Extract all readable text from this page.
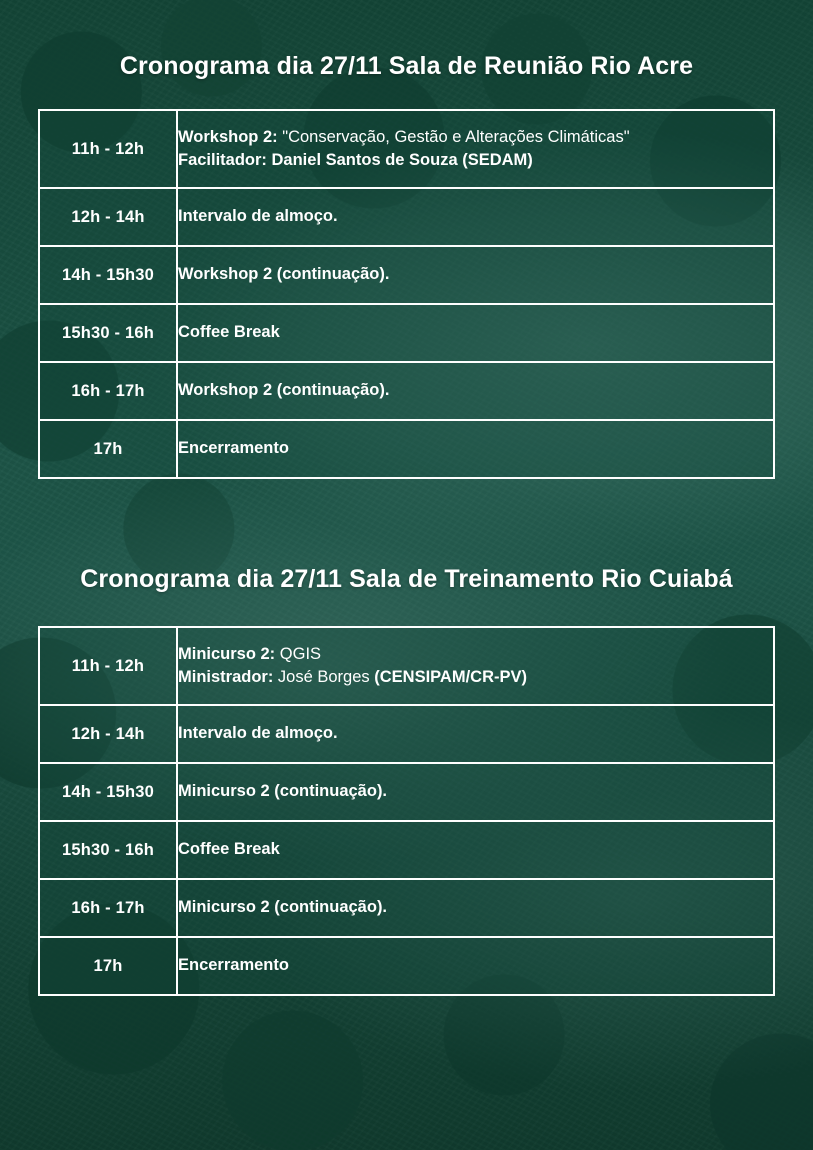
Cronograma dia 27/11 Sala de Reunião Rio Acre
11h - 12h	Workshop 2: "Conservação, Gestão e Alterações Climáticas"
Facilitador: Daniel Santos de Souza (SEDAM)

12h - 14h	Intervalo de almoço.
14h - 15h30	Workshop 2 (continuação).
15h30 - 16h	Coffee Break
16h - 17h	Workshop 2 (continuação).
17h	Encerramento
Cronograma dia 27/11 Sala de Treinamento Rio Cuiabá
11h - 12h	Minicurso 2: QGIS
Ministrador: José Borges (CENSIPAM/CR-PV)

12h - 14h	Intervalo de almoço.
14h - 15h30	Minicurso 2 (continuação).
15h30 - 16h	Coffee Break
16h - 17h	Minicurso 2 (continuação).
17h	Encerramento
